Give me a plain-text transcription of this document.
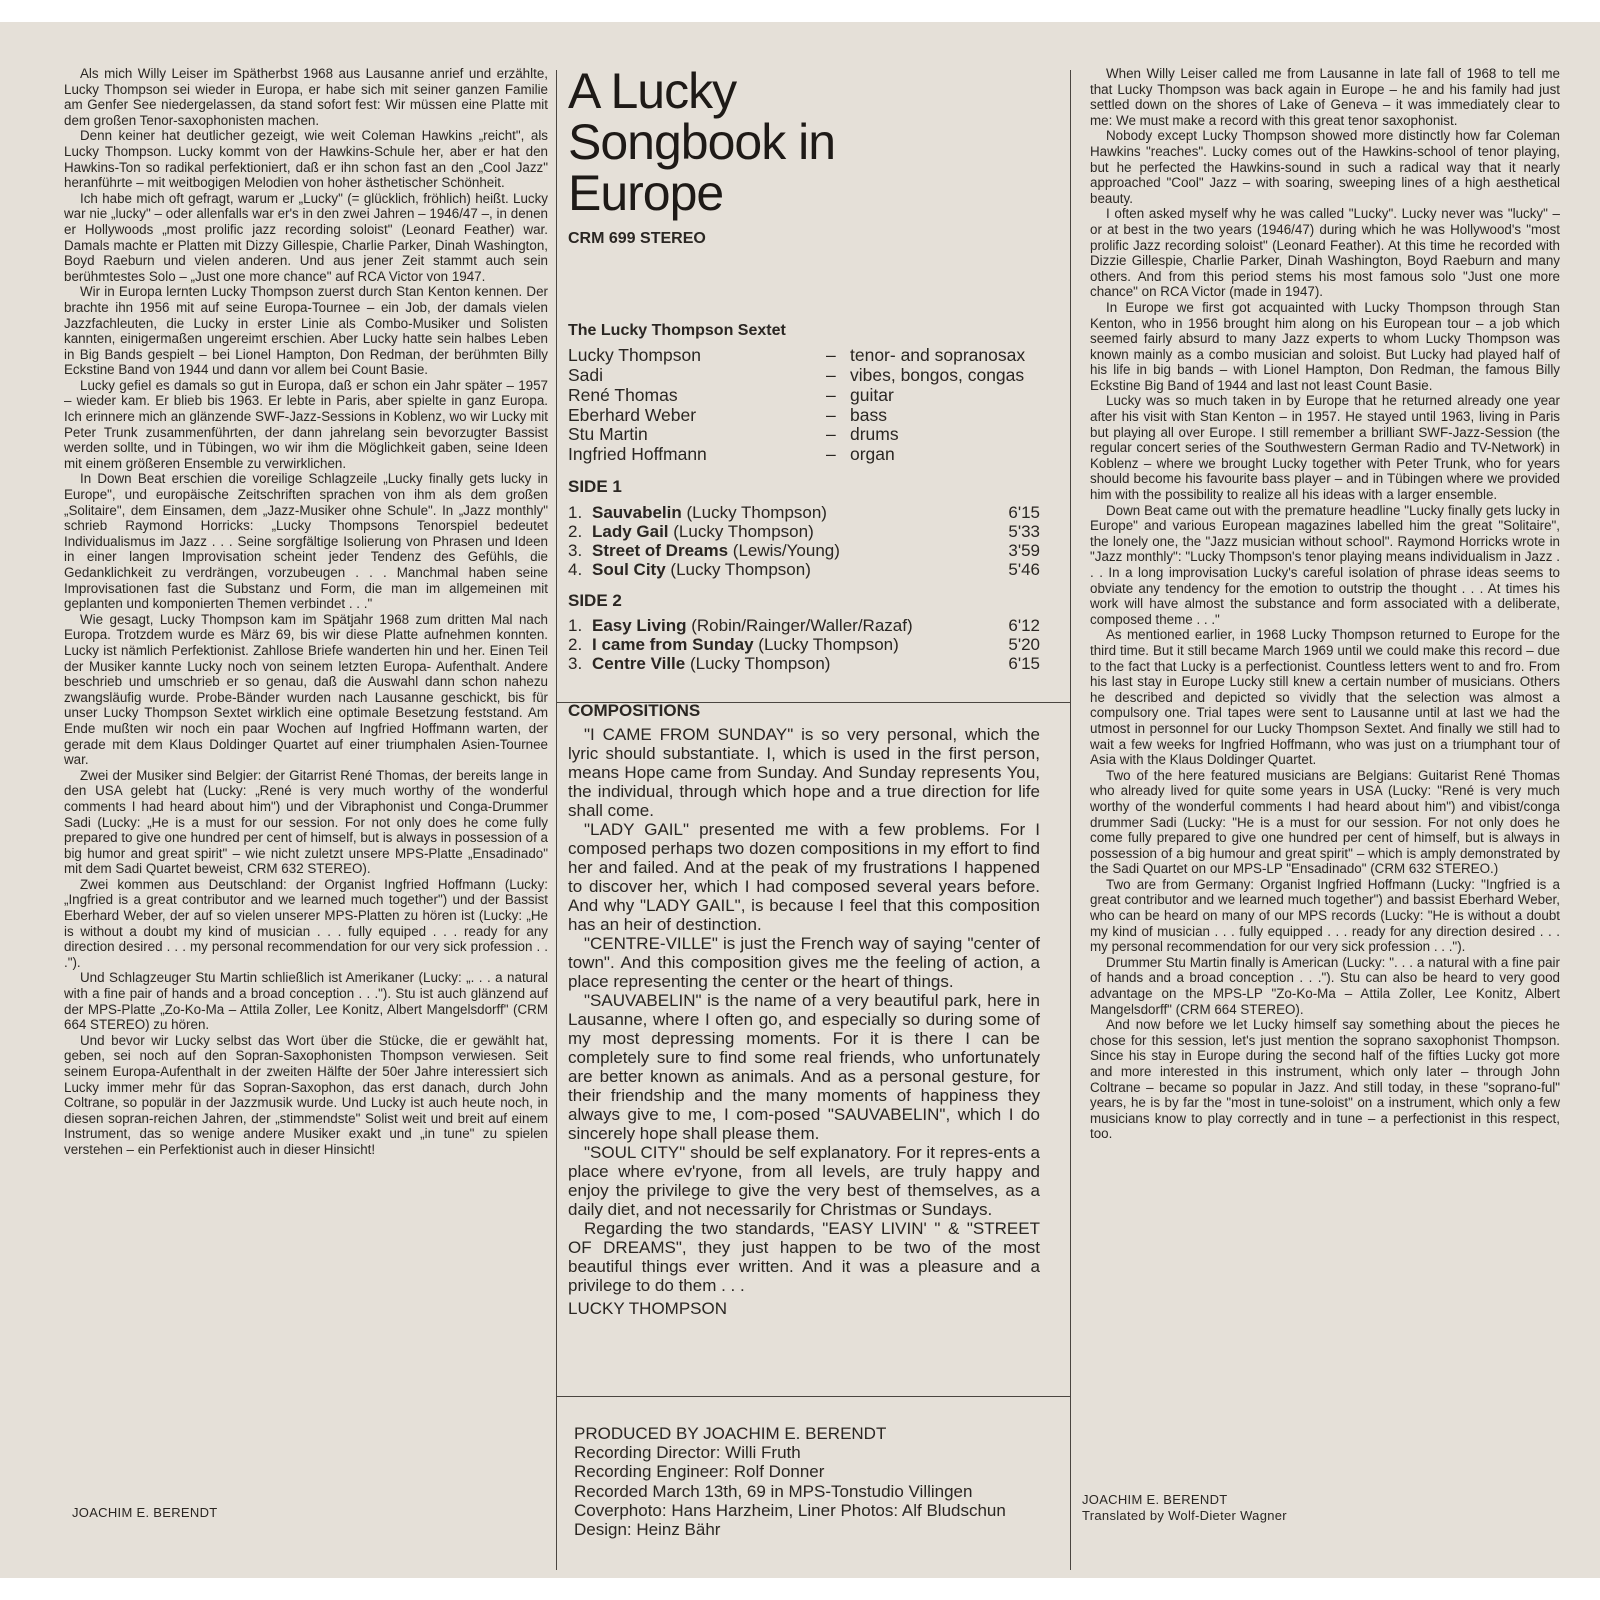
Als mich Willy Leiser im Spätherbst 1968 aus Lausanne anrief und erzählte, Lucky Thompson sei wieder in Europa, er habe sich mit seiner ganzen Familie am Genfer See niedergelassen, da stand sofort fest: Wir müssen eine Platte mit dem großen Tenor-saxophonisten machen.

Denn keiner hat deutlicher gezeigt, wie weit Coleman Hawkins „reicht", als Lucky Thompson. Lucky kommt von der Hawkins-Schule her, aber er hat den Hawkins-Ton so radikal perfektioniert, daß er ihn schon fast an den „Cool Jazz" heranführte – mit weitbogigen Melodien von hoher ästhetischer Schönheit.

Ich habe mich oft gefragt, warum er „Lucky" (= glücklich, fröhlich) heißt. Lucky war nie „lucky" – oder allenfalls war er's in den zwei Jahren – 1946/47 –, in denen er Hollywoods „most prolific jazz recording soloist" (Leonard Feather) war. Damals machte er Platten mit Dizzy Gillespie, Charlie Parker, Dinah Washington, Boyd Raeburn und vielen anderen. Und aus jener Zeit stammt auch sein berühmtestes Solo – „Just one more chance" auf RCA Victor von 1947.

Wir in Europa lernten Lucky Thompson zuerst durch Stan Kenton kennen. Der brachte ihn 1956 mit auf seine Europa-Tournee – ein Job, der damals vielen Jazzfachleuten, die Lucky in erster Linie als Combo-Musiker und Solisten kannten, einigermaßen ungereimt erschien. Aber Lucky hatte sein halbes Leben in Big Bands gespielt – bei Lionel Hampton, Don Redman, der berühmten Billy Eckstine Band von 1944 und dann vor allem bei Count Basie.

Lucky gefiel es damals so gut in Europa, daß er schon ein Jahr später – 1957 – wieder kam. Er blieb bis 1963. Er lebte in Paris, aber spielte in ganz Europa. Ich erinnere mich an glänzende SWF-Jazz-Sessions in Koblenz, wo wir Lucky mit Peter Trunk zusammenführten, der dann jahrelang sein bevorzugter Bassist werden sollte, und in Tübingen, wo wir ihm die Möglichkeit gaben, seine Ideen mit einem größeren Ensemble zu verwirklichen.

In Down Beat erschien die voreilige Schlagzeile „Lucky finally gets lucky in Europe", und europäische Zeitschriften sprachen von ihm als dem großen „Solitaire", dem Einsamen, dem „Jazz-Musiker ohne Schule". In „Jazz monthly" schrieb Raymond Horricks: „Lucky Thompsons Tenorspiel bedeutet Individualismus im Jazz . . . Seine sorgfältige Isolierung von Phrasen und Ideen in einer langen Improvisation scheint jeder Tendenz des Gefühls, die Gedanklichkeit zu verdrängen, vorzubeugen . . . Manchmal haben seine Improvisationen fast die Substanz und Form, die man im allgemeinen mit geplanten und komponierten Themen verbindet . . ."

Wie gesagt, Lucky Thompson kam im Spätjahr 1968 zum dritten Mal nach Europa. Trotzdem wurde es März 69, bis wir diese Platte aufnehmen konnten. Lucky ist nämlich Perfektionist. Zahllose Briefe wanderten hin und her. Einen Teil der Musiker kannte Lucky noch von seinem letzten Europa- Aufenthalt. Andere beschrieb und umschrieb er so genau, daß die Auswahl dann schon nahezu zwangsläufig wurde. Probe-Bänder wurden nach Lausanne geschickt, bis für unser Lucky Thompson Sextet wirklich eine optimale Besetzung feststand. Am Ende mußten wir noch ein paar Wochen auf Ingfried Hoffmann warten, der gerade mit dem Klaus Doldinger Quartet auf einer triumphalen Asien-Tournee war.

Zwei der Musiker sind Belgier: der Gitarrist René Thomas, der bereits lange in den USA gelebt hat (Lucky: „René is very much worthy of the wonderful comments I had heard about him") und der Vibraphonist und Conga-Drummer Sadi (Lucky: „He is a must for our session. For not only does he come fully prepared to give one hundred per cent of himself, but is always in possession of a big humor and great spirit" – wie nicht zuletzt unsere MPS-Platte „Ensadinado" mit dem Sadi Quartet beweist, CRM 632 STEREO).

Zwei kommen aus Deutschland: der Organist Ingfried Hoffmann (Lucky: „Ingfried is a great contributor and we learned much together") und der Bassist Eberhard Weber, der auf so vielen unserer MPS-Platten zu hören ist (Lucky: „He is without a doubt my kind of musician . . . fully equiped . . . ready for any direction desired . . . my personal recommendation for our very sick profession . . .").

Und Schlagzeuger Stu Martin schließlich ist Amerikaner (Lucky: „. . . a natural with a fine pair of hands and a broad conception . . ."). Stu ist auch glänzend auf der MPS-Platte „Zo-Ko-Ma – Attila Zoller, Lee Konitz, Albert Mangelsdorff" (CRM 664 STEREO) zu hören.

Und bevor wir Lucky selbst das Wort über die Stücke, die er gewählt hat, geben, sei noch auf den Sopran-Saxophonisten Thompson verwiesen. Seit seinem Europa-Aufenthalt in der zweiten Hälfte der 50er Jahre interessiert sich Lucky immer mehr für das Sopran-Saxophon, das erst danach, durch John Coltrane, so populär in der Jazzmusik wurde. Und Lucky ist auch heute noch, in diesen sopran-reichen Jahren, der „stimmendste" Solist weit und breit auf einem Instrument, das so wenige andere Musiker exakt und „in tune" zu spielen verstehen – ein Perfektionist auch in dieser Hinsicht!

JOACHIM E. BERENDT
A Lucky
Songbook in
Europe
CRM 699 STEREO
The Lucky Thompson Sextet
Lucky Thompson	– tenor- and sopranosax
Sadi	– vibes, bongos, congas
René Thomas	– guitar
Eberhard Weber	– bass
Stu Martin	– drums
Ingfried Hoffmann	– organ
SIDE 1
1. Sauvabelin (Lucky Thompson)	6'15
2. Lady Gail (Lucky Thompson)	5'33
3. Street of Dreams (Lewis/Young)	3'59
4. Soul City (Lucky Thompson)	5'46
SIDE 2
1. Easy Living (Robin/Rainger/Waller/Razaf)	6'12
2. I came from Sunday (Lucky Thompson)	5'20
3. Centre Ville (Lucky Thompson)	6'15
COMPOSITIONS

"I CAME FROM SUNDAY" is so very personal, which the lyric should substantiate. I, which is used in the first person, means Hope came from Sunday. And Sunday represents You, the individual, through which hope and a true direction for life shall come.

"LADY GAIL" presented me with a few problems. For I composed perhaps two dozen compositions in my effort to find her and failed. And at the peak of my frustrations I happened to discover her, which I had composed several years before. And why "LADY GAIL", is because I feel that this composition has an heir of destinction.

"CENTRE-VILLE" is just the French way of saying "center of town". And this composition gives me the feeling of action, a place representing the center or the heart of things.

"SAUVABELIN" is the name of a very beautiful park, here in Lausanne, where I often go, and especially so during some of my most depressing moments. For it is there I can be completely sure to find some real friends, who unfortunately are better known as animals. And as a personal gesture, for their friendship and the many moments of happiness they always give to me, I com-posed "SAUVABELIN", which I do sincerely hope shall please them.

"SOUL CITY" should be self explanatory. For it repres-ents a place where ev'ryone, from all levels, are truly happy and enjoy the privilege to give the very best of themselves, as a daily diet, and not necessarily for Christmas or Sundays.

Regarding the two standards, "EASY LIVIN' " & "STREET OF DREAMS", they just happen to be two of the most beautiful things ever written. And it was a pleasure and a privilege to do them . . .

LUCKY THOMPSON
PRODUCED BY JOACHIM E. BERENDT
Recording Director: Willi Fruth
Recording Engineer: Rolf Donner
Recorded March 13th, 69 in MPS-Tonstudio Villingen
Coverphoto: Hans Harzheim, Liner Photos: Alf Bludschun
Design: Heinz Bähr

When Willy Leiser called me from Lausanne in late fall of 1968 to tell me that Lucky Thompson was back again in Europe – he and his family had just settled down on the shores of Lake of Geneva – it was immediately clear to me: We must make a record with this great tenor saxophonist.

Nobody except Lucky Thompson showed more distinctly how far Coleman Hawkins "reaches". Lucky comes out of the Hawkins-school of tenor playing, but he perfected the Hawkins-sound in such a radical way that it nearly approached "Cool" Jazz – with soaring, sweeping lines of a high aesthetical beauty.

I often asked myself why he was called "Lucky". Lucky never was "lucky" – or at best in the two years (1946/47) during which he was Hollywood's "most prolific Jazz recording soloist" (Leonard Feather). At this time he recorded with Dizzie Gillespie, Charlie Parker, Dinah Washington, Boyd Raeburn and many others. And from this period stems his most famous solo "Just one more chance" on RCA Victor (made in 1947).

In Europe we first got acquainted with Lucky Thompson through Stan Kenton, who in 1956 brought him along on his European tour – a job which seemed fairly absurd to many Jazz experts to whom Lucky Thompson was known mainly as a combo musician and soloist. But Lucky had played half of his life in big bands – with Lionel Hampton, Don Redman, the famous Billy Eckstine Big Band of 1944 and last not least Count Basie.

Lucky was so much taken in by Europe that he returned already one year after his visit with Stan Kenton – in 1957. He stayed until 1963, living in Paris but playing all over Europe. I still remember a brilliant SWF-Jazz-Session (the regular concert series of the Southwestern German Radio and TV-Network) in Koblenz – where we brought Lucky together with Peter Trunk, who for years should become his favourite bass player – and in Tübingen where we provided him with the possibility to realize all his ideas with a larger ensemble.

Down Beat came out with the premature headline "Lucky finally gets lucky in Europe" and various European magazines labelled him the great "Solitaire", the lonely one, the "Jazz musician without school". Raymond Horricks wrote in "Jazz monthly": "Lucky Thompson's tenor playing means individualism in Jazz . . . In a long improvisation Lucky's careful isolation of phrase ideas seems to obviate any tendency for the emotion to outstrip the thought . . . At times his work will have almost the substance and form associated with a deliberate, composed theme . . ."

As mentioned earlier, in 1968 Lucky Thompson returned to Europe for the third time. But it still became March 1969 until we could make this record – due to the fact that Lucky is a perfectionist. Countless letters went to and fro. From his last stay in Europe Lucky still knew a certain number of musicians. Others he described and depicted so vividly that the selection was almost a compulsory one. Trial tapes were sent to Lausanne until at last we had the utmost in personnel for our Lucky Thompson Sextet. And finally we still had to wait a few weeks for Ingfried Hoffmann, who was just on a triumphant tour of Asia with the Klaus Doldinger Quartet.

Two of the here featured musicians are Belgians: Guitarist René Thomas who already lived for quite some years in USA (Lucky: "René is very much worthy of the wonderful comments I had heard about him") and vibist/conga drummer Sadi (Lucky: "He is a must for our session. For not only does he come fully prepared to give one hundred per cent of himself, but is always in possession of a big humour and great spirit" – which is amply demonstrated by the Sadi Quartet on our MPS-LP "Ensadinado" (CRM 632 STEREO.)

Two are from Germany: Organist Ingfried Hoffmann (Lucky: "Ingfried is a great contributor and we learned much together") and bassist Eberhard Weber, who can be heard on many of our MPS records (Lucky: "He is without a doubt my kind of musician . . . fully equipped . . . ready for any direction desired . . . my personal recommendation for our very sick profession . . .").

Drummer Stu Martin finally is American (Lucky: ". . . a natural with a fine pair of hands and a broad conception . . ."). Stu can also be heard to very good advantage on the MPS-LP "Zo-Ko-Ma – Attila Zoller, Lee Konitz, Albert Mangelsdorff" (CRM 664 STEREO).

And now before we let Lucky himself say something about the pieces he chose for this session, let's just mention the soprano saxophonist Thompson. Since his stay in Europe during the second half of the fifties Lucky got more and more interested in this instrument, which only later – through John Coltrane – became so popular in Jazz. And still today, in these "soprano-ful" years, he is by far the "most in tune-soloist" on a instrument, which only a few musicians know to play correctly and in tune – a perfectionist in this respect, too.

JOACHIM E. BERENDT
Translated by Wolf-Dieter Wagner
